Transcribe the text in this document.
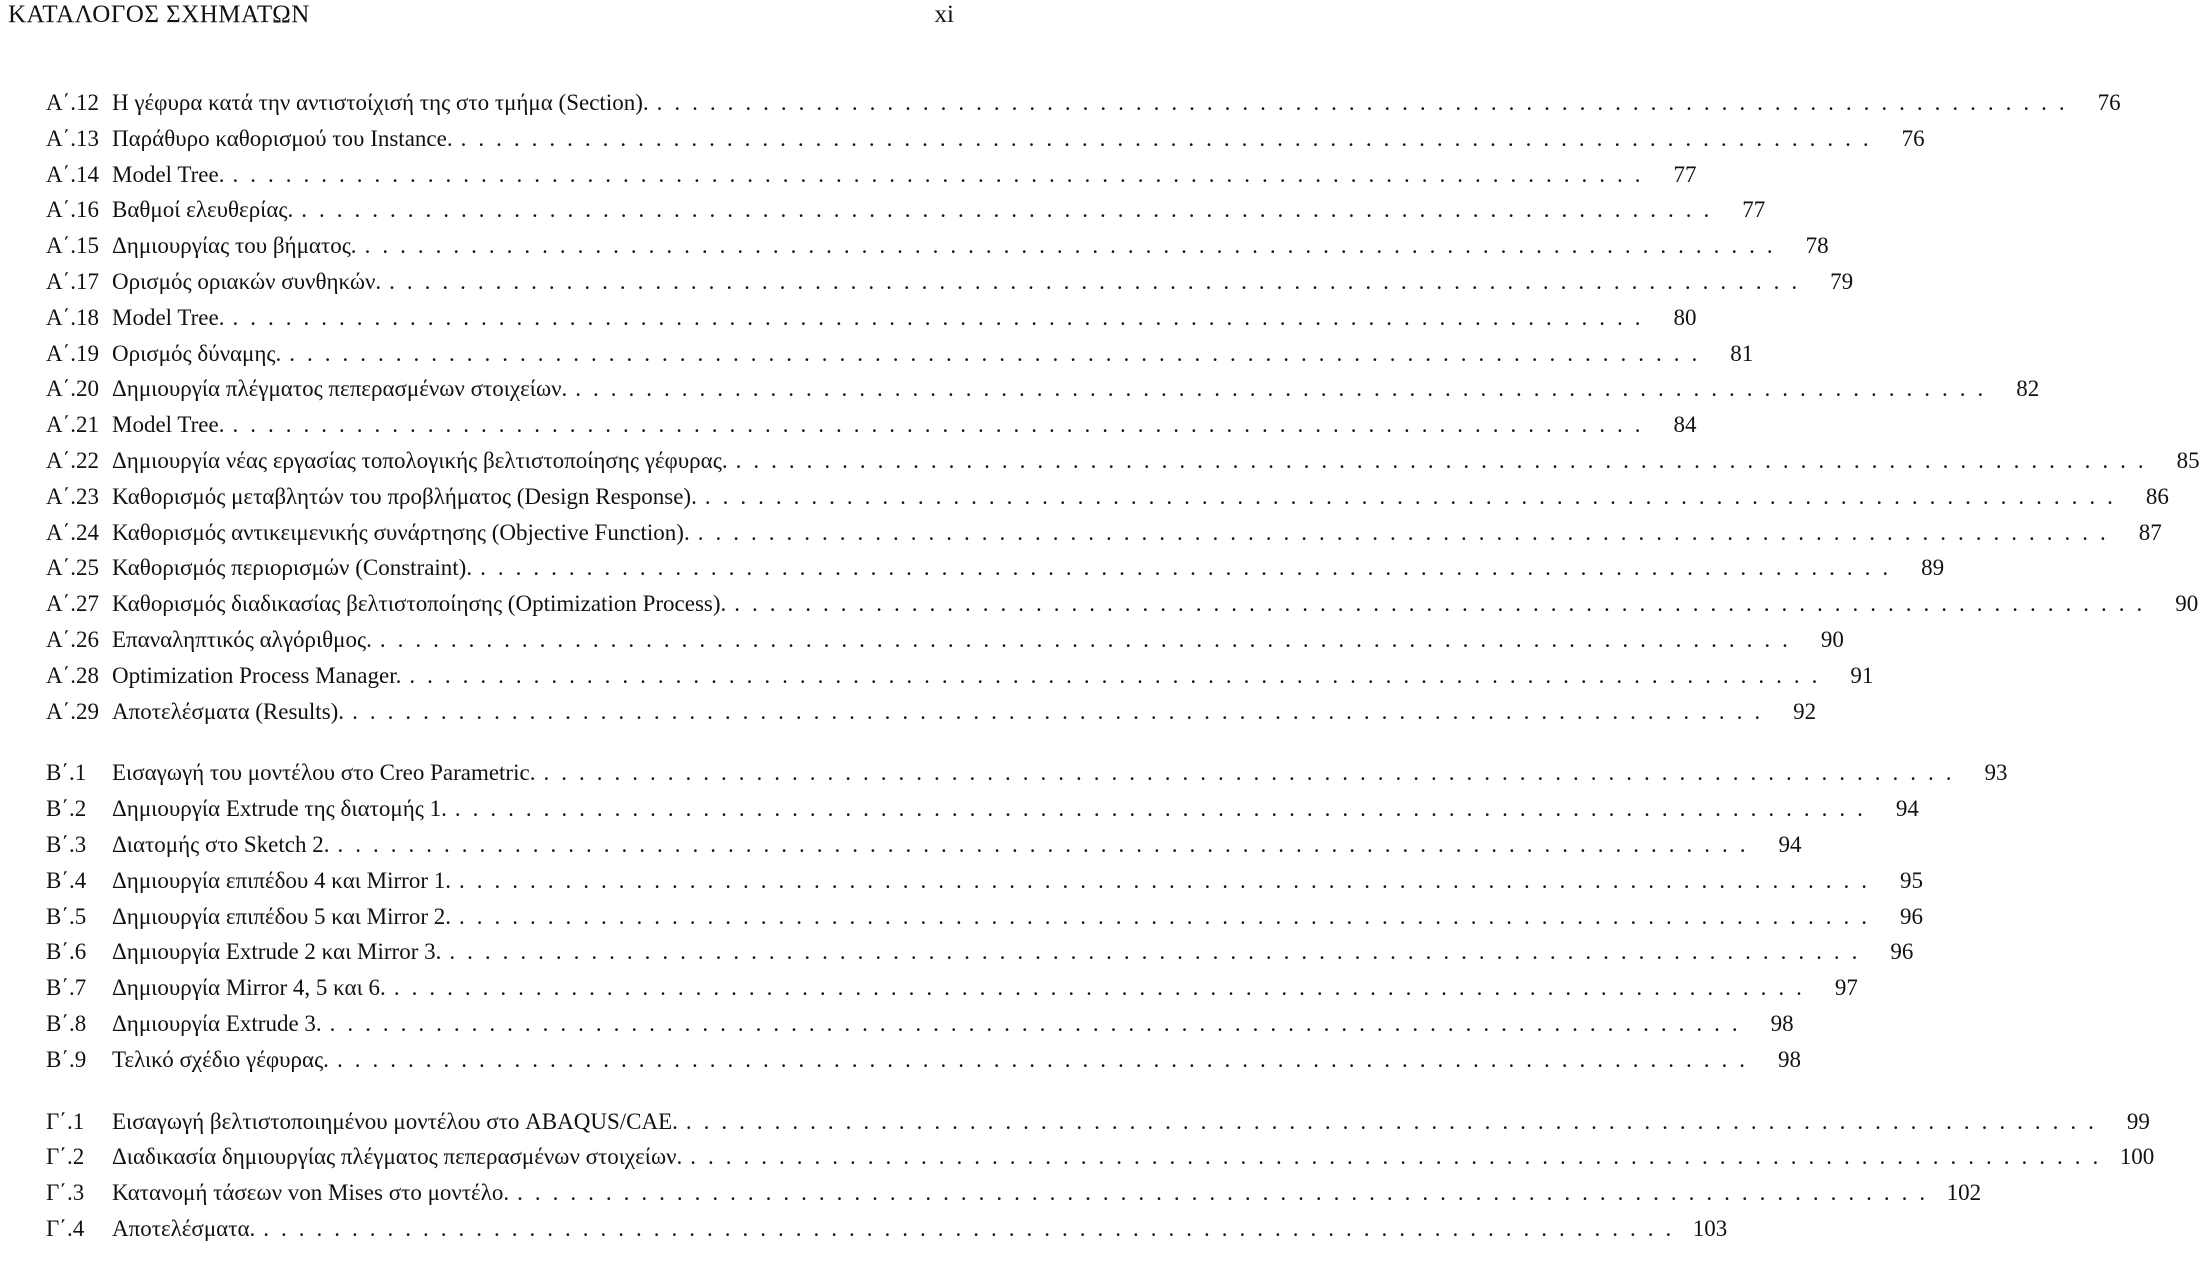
ΚΑΤΑΛΟΓΟΣ ΣΧΗΜΑΤΩΝ	xi
Α΄.12 Η γέφυρα κατά την αντιστοίχισή της στο τμήμα (Section). ................................................................................ 76
Α΄.13 Παράθυρο καθορισμού του Instance. ................................................................................ 76
Α΄.14 Model Tree. ................................................................................ 77
Α΄.16 Βαθμοί ελευθερίας. ................................................................................ 77
Α΄.15 Δημιουργίας του βήματος. ................................................................................ 78
Α΄.17 Ορισμός οριακών συνθηκών. ................................................................................ 79
Α΄.18 Model Tree. ................................................................................ 80
Α΄.19 Ορισμός δύναμης. ................................................................................ 81
Α΄.20 Δημιουργία πλέγματος πεπερασμένων στοιχείων. ................................................................................ 82
Α΄.21 Model Tree. ................................................................................ 84
Α΄.22 Δημιουργία νέας εργασίας τοπολογικής βελτιστοποίησης γέφυρας. ................................................................................ 85
Α΄.23 Καθορισμός μεταβλητών του προβλήματος (Design Response). ................................................................................ 86
Α΄.24 Καθορισμός αντικειμενικής συνάρτησης (Objective Function). ................................................................................ 87
Α΄.25 Καθορισμός περιορισμών (Constraint). ................................................................................ 89
Α΄.27 Καθορισμός διαδικασίας βελτιστοποίησης (Optimization Process). ................................................................................ 90
Α΄.26 Επαναληπτικός αλγόριθμος. ................................................................................ 90
Α΄.28 Optimization Process Manager. ................................................................................ 91
Α΄.29 Αποτελέσματα (Results). ................................................................................ 92
Β΄.1	Εισαγωγή του μοντέλου στο Creo Parametric. ................................................................................ 93
Β΄.2	Δημιουργία Extrude της διατομής 1. ................................................................................ 94
Β΄.3	Διατομής στο Sketch 2. ................................................................................ 94
Β΄.4	Δημιουργία επιπέδου 4 και Mirror 1. ................................................................................ 95
Β΄.5	Δημιουργία επιπέδου 5 και Mirror 2. ................................................................................ 96
Β΄.6	Δημιουργία Extrude 2 και Mirror 3. ................................................................................ 96
Β΄.7	Δημιουργία Mirror 4, 5 και 6. ................................................................................ 97
Β΄.8	Δημιουργία Extrude 3. ................................................................................ 98
Β΄.9	Τελικό σχέδιο γέφυρας. ................................................................................ 98
Γ΄.1	Εισαγωγή βελτιστοποιημένου μοντέλου στο ABAQUS/CAE. ................................................................................ 99
Γ΄.2	Διαδικασία δημιουργίας πλέγματος πεπερασμένων στοιχείων. ................................................................................ 100
Γ΄.3	Κατανομή τάσεων von Mises στο μοντέλο. ................................................................................ 102
Γ΄.4	Αποτελέσματα. ................................................................................ 103
